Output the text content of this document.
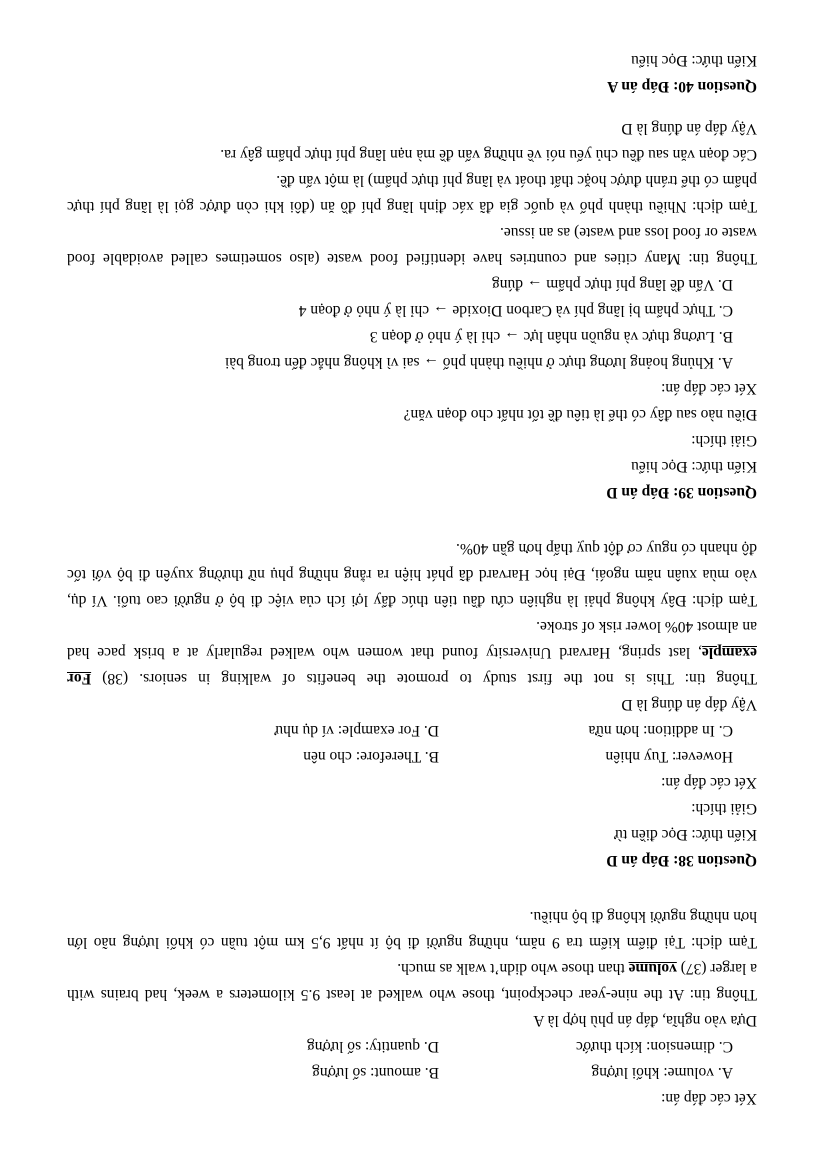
Xét các đáp án:
A. volume: khối lượng
B. amount: số lượng
C. dimension: kích thước
D. quantity: số lượng
Dựa vào nghĩa, đáp án phù hợp là A
Thông tin: At the nine-year checkpoint, those who walked at least 9.5 kilometers a week, had brains with
a larger (37) volume than those who didn’t walk as much.
Tạm dịch: Tại điểm kiểm tra 9 năm, những người đi bộ ít nhất 9,5 km một tuần có khối lượng não lớn
hơn những người không đi bộ nhiều.
Question 38: Đáp án D
Kiến thức: Đọc điền từ
Giải thích:
Xét các đáp án:
However: Tuy nhiên
B. Therefore: cho nên
C. In addition: hơn nữa
D. For example: ví dụ như
Vậy đáp án đúng là D
Thông tin: This is not the first study to promote the benefits of walking in seniors. (38) For
example, last spring, Harvard University found that women who walked regularly at a brisk pace had
an almost 40% lower risk of stroke.
Tạm dịch: Đây không phải là nghiên cứu đầu tiên thúc đẩy lợi ích của việc đi bộ ở người cao tuổi. Ví dụ,
vào mùa xuân năm ngoái, Đại học Harvard đã phát hiện ra rằng những phụ nữ thường xuyên đi bộ với tốc
độ nhanh có nguy cơ đột quỵ thấp hơn gần 40%.
Question 39: Đáp án D
Kiến thức: Đọc hiểu
Giải thích:
Điều nào sau đây có thể là tiêu đề tốt nhất cho đoạn văn?
Xét các đáp án:
A. Khủng hoảng lương thực ở nhiều thành phố → sai vì không nhắc đến trong bài
B. Lương thực và nguồn nhân lực → chỉ là ý nhỏ ở đoạn 3
C. Thực phẩm bị lãng phí và Carbon Dioxide → chỉ là ý nhỏ ở đoạn 4
D. Vấn đề lãng phí thực phẩm → đúng
Thông tin: Many cities and countries have identified food waste (also sometimes called avoidable food
waste or food loss and waste) as an issue.
Tạm dịch: Nhiều thành phố và quốc gia đã xác định lãng phí đồ ăn (đôi khi còn được gọi là lãng phí thực
phẩm có thể tránh được hoặc thất thoát và lãng phí thực phẩm) là một vấn đề.
Các đoạn văn sau đều chủ yếu nói về những vấn đề mà nạn lãng phí thực phẩm gây ra.
Vậy đáp án đúng là D
Question 40: Đáp án A
Kiến thức: Đọc hiểu
